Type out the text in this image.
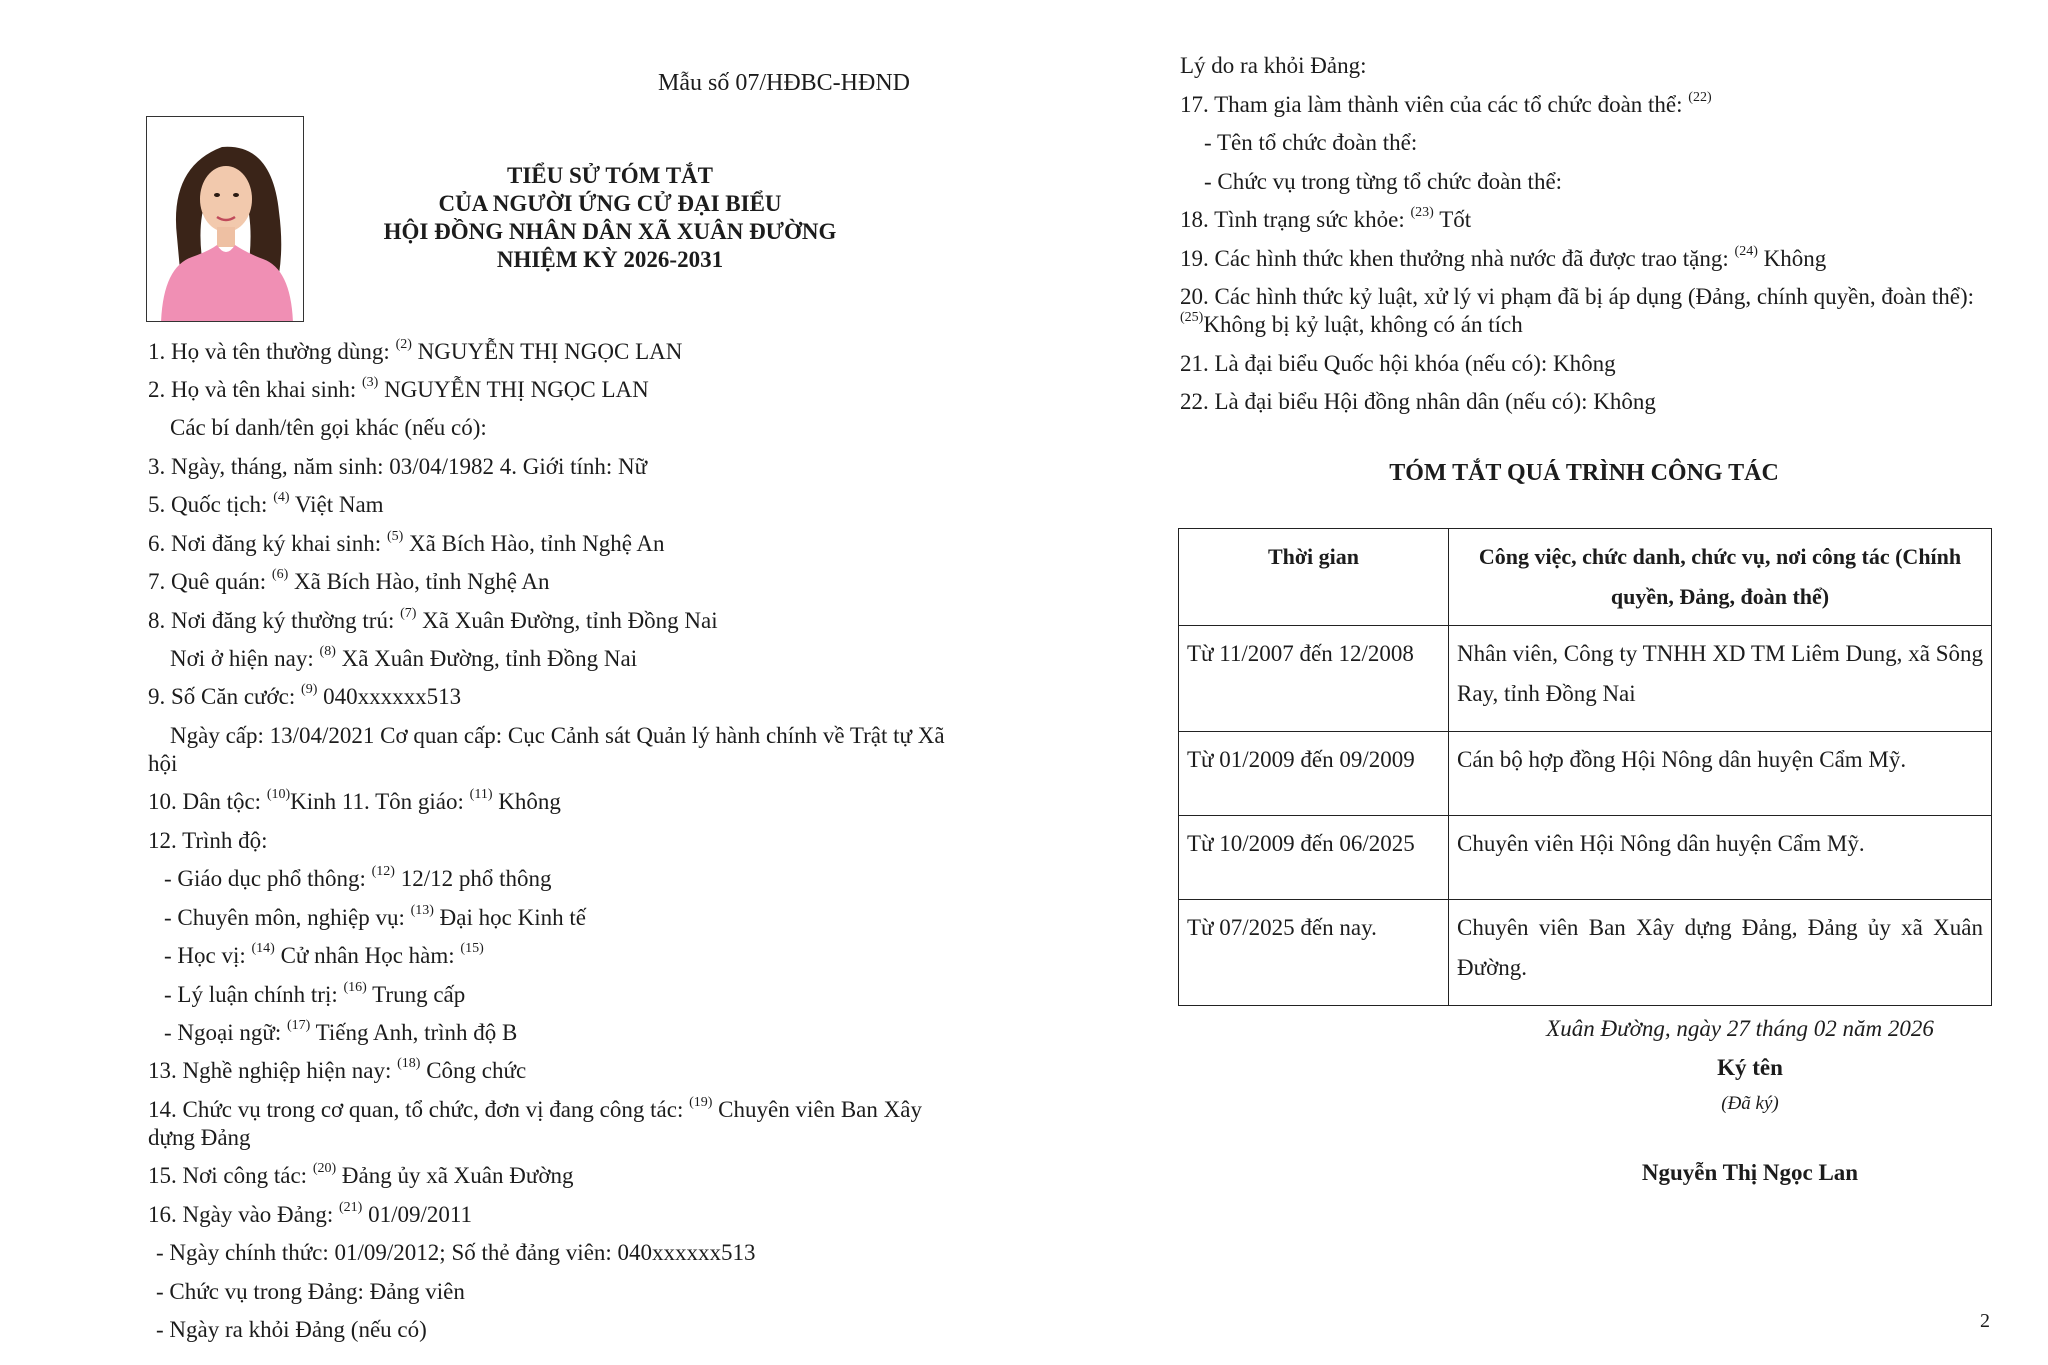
Mẫu số 07/HĐBC-HĐND
TIỂU SỬ TÓM TẮT
CỦA NGƯỜI ỨNG CỬ ĐẠI BIỂU
HỘI ĐỒNG NHÂN DÂN XÃ XUÂN ĐƯỜNG
NHIỆM KỲ 2026-2031
1. Họ và tên thường dùng: $^{(2)}$ NGUYỄN THỊ NGỌC LAN
2. Họ và tên khai sinh: $^{(3)}$ NGUYỄN THỊ NGỌC LAN
Các bí danh/tên gọi khác (nếu có):
3. Ngày, tháng, năm sinh: 03/04/1982 4. Giới tính: Nữ
5. Quốc tịch: $^{(4)}$ Việt Nam
6. Nơi đăng ký khai sinh: $^{(5)}$ Xã Bích Hào, tỉnh Nghệ An
7. Quê quán: $^{(6)}$ Xã Bích Hào, tỉnh Nghệ An
8. Nơi đăng ký thường trú: $^{(7)}$ Xã Xuân Đường, tỉnh Đồng Nai
Nơi ở hiện nay: $^{(8)}$ Xã Xuân Đường, tỉnh Đồng Nai
9. Số Căn cước: $^{(9)}$ 040xxxxxx513
Ngày cấp: 13/04/2021 Cơ quan cấp: Cục Cảnh sát Quản lý hành chính về Trật tự Xã
hội
10. Dân tộc: $^{(10)}$Kinh 11. Tôn giáo: $^{(11)}$ Không
12. Trình độ:
- Giáo dục phổ thông: $^{(12)}$ 12/12 phổ thông
- Chuyên môn, nghiệp vụ: $^{(13)}$ Đại học Kinh tế
- Học vị: $^{(14)}$ Cử nhân Học hàm: $^{(15)}$
- Lý luận chính trị: $^{(16)}$ Trung cấp
- Ngoại ngữ: $^{(17)}$ Tiếng Anh, trình độ B
13. Nghề nghiệp hiện nay: $^{(18)}$ Công chức
14. Chức vụ trong cơ quan, tổ chức, đơn vị đang công tác: $^{(19)}$ Chuyên viên Ban Xây
dựng Đảng
15. Nơi công tác: $^{(20)}$ Đảng ủy xã Xuân Đường
16. Ngày vào Đảng: $^{(21)}$ 01/09/2011
- Ngày chính thức: 01/09/2012; Số thẻ đảng viên: 040xxxxxx513
- Chức vụ trong Đảng: Đảng viên
- Ngày ra khỏi Đảng (nếu có)
Lý do ra khỏi Đảng:
17. Tham gia làm thành viên của các tổ chức đoàn thể: $^{(22)}$
- Tên tổ chức đoàn thể:
- Chức vụ trong từng tổ chức đoàn thể:
18. Tình trạng sức khỏe: $^{(23)}$ Tốt
19. Các hình thức khen thưởng nhà nước đã được trao tặng: $^{(24)}$ Không
20. Các hình thức kỷ luật, xử lý vi phạm đã bị áp dụng (Đảng, chính quyền, đoàn thể):
$^{(25)}$Không bị kỷ luật, không có án tích
21. Là đại biểu Quốc hội khóa (nếu có): Không
22. Là đại biểu Hội đồng nhân dân (nếu có): Không
TÓM TẮT QUÁ TRÌNH CÔNG TÁC
Thời gian	Công việc, chức danh, chức vụ, nơi công tác (Chính quyền, Đảng, đoàn thể)
Từ 11/2007 đến 12/2008	Nhân viên, Công ty TNHH XD TM Liêm Dung, xã Sông Ray, tỉnh Đồng Nai
Từ 01/2009 đến 09/2009	Cán bộ hợp đồng Hội Nông dân huyện Cẩm Mỹ.
Từ 10/2009 đến 06/2025	Chuyên viên Hội Nông dân huyện Cẩm Mỹ.
Từ 07/2025 đến nay.	Chuyên viên Ban Xây dựng Đảng, Đảng ủy xã Xuân Đường.
Xuân Đường, ngày 27 tháng 02 năm 2026
Ký tên
(Đã ký)
Nguyễn Thị Ngọc Lan
2
